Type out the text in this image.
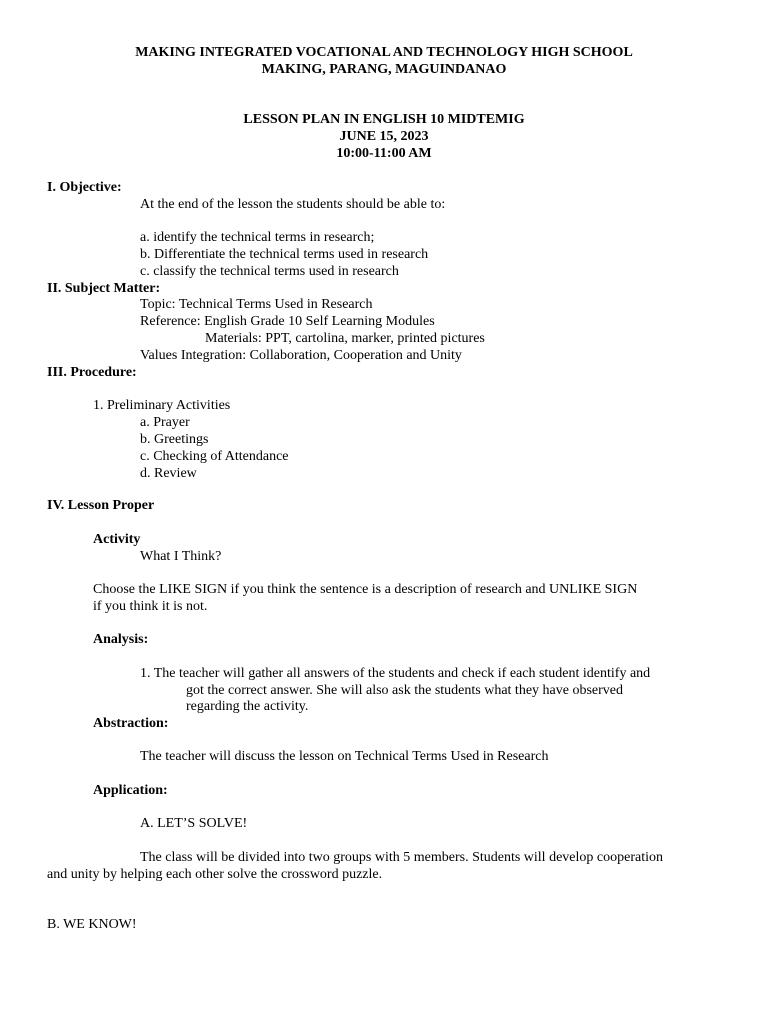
MAKING INTEGRATED VOCATIONAL AND TECHNOLOGY HIGH SCHOOL
MAKING, PARANG, MAGUINDANAO
LESSON PLAN IN ENGLISH 10 MIDTEMIG
JUNE 15, 2023
10:00-11:00 AM
I. Objective:
At the end of the lesson the students should be able to:
a. identify the technical terms in research;
b. Differentiate the technical terms used in research
c. classify the technical terms used in research
II. Subject Matter:
Topic: Technical Terms Used in Research
Reference: English Grade 10 Self Learning Modules
Materials: PPT, cartolina, marker, printed pictures
Values Integration: Collaboration, Cooperation and Unity
III. Procedure:
1. Preliminary Activities
a. Prayer
b. Greetings
c. Checking of Attendance
d. Review
IV. Lesson Proper
Activity
What I Think?
Choose the LIKE SIGN if you think the sentence is a description of research and UNLIKE SIGN
if you think it is not.
Analysis:
1. The teacher will gather all answers of the students and check if each student identify and
got the correct answer. She will also ask the students what they have observed
regarding the activity.
Abstraction:
The teacher will discuss the lesson on Technical Terms Used in Research
Application:
A. LET’S SOLVE!
The class will be divided into two groups with 5 members. Students will develop cooperation
and unity by helping each other solve the crossword puzzle.
B. WE KNOW!
